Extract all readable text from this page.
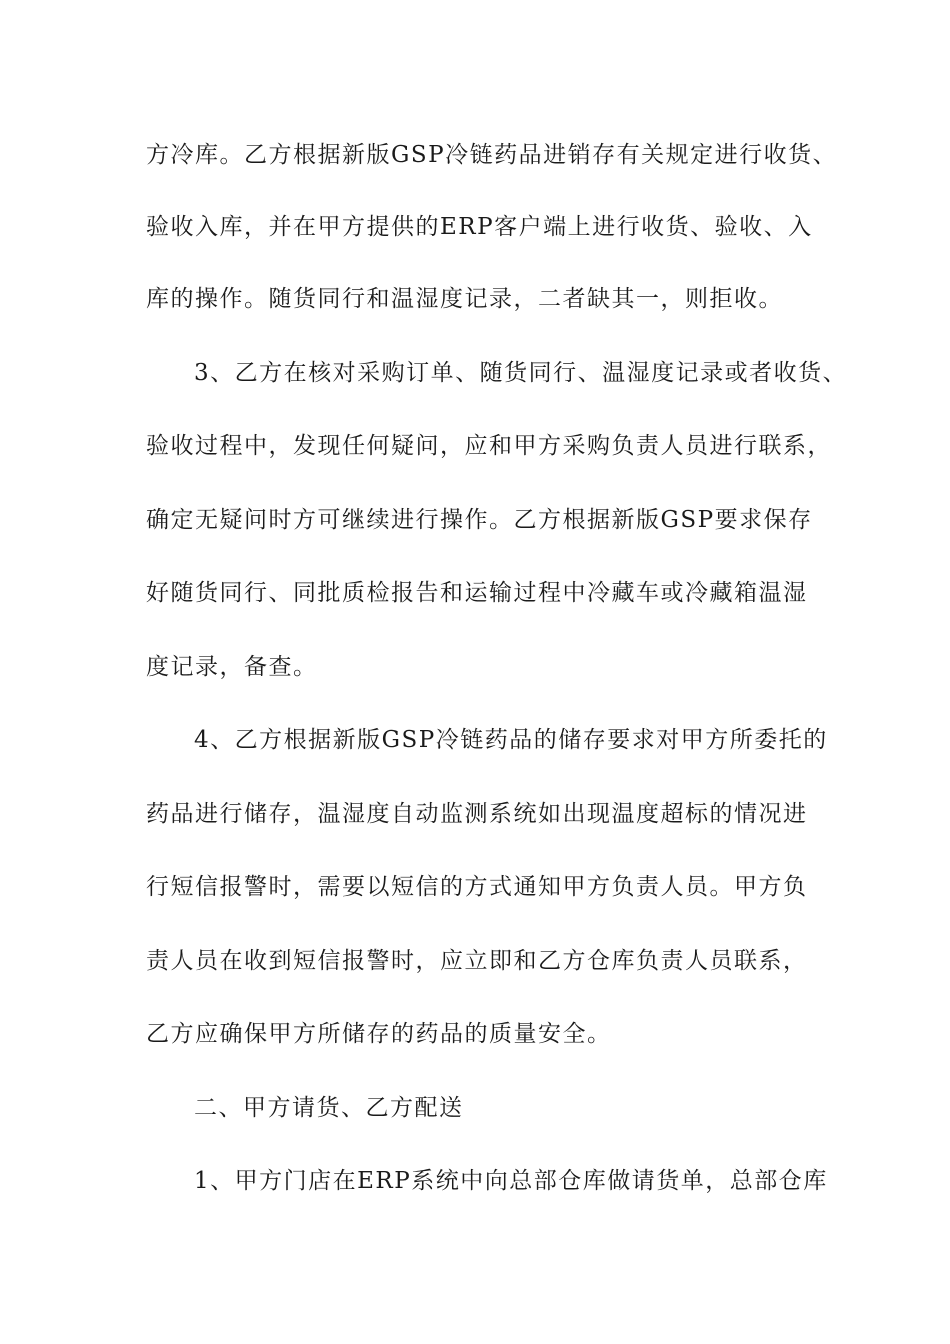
方冷库。乙方根据新版GSP冷链药品进销存有关规定进行收货、
验收入库，并在甲方提供的ERP客户端上进行收货、验收、入
库的操作。随货同行和温湿度记录，二者缺其一，则拒收。
3、乙方在核对采购订单、随货同行、温湿度记录或者收货、
验收过程中，发现任何疑问，应和甲方采购负责人员进行联系，
确定无疑问时方可继续进行操作。乙方根据新版GSP要求保存
好随货同行、同批质检报告和运输过程中冷藏车或冷藏箱温湿
度记录，备查。
4、乙方根据新版GSP冷链药品的储存要求对甲方所委托的
药品进行储存，温湿度自动监测系统如出现温度超标的情况进
行短信报警时，需要以短信的方式通知甲方负责人员。甲方负
责人员在收到短信报警时，应立即和乙方仓库负责人员联系，
乙方应确保甲方所储存的药品的质量安全。
二、甲方请货、乙方配送
1、甲方门店在ERP系统中向总部仓库做请货单，总部仓库
